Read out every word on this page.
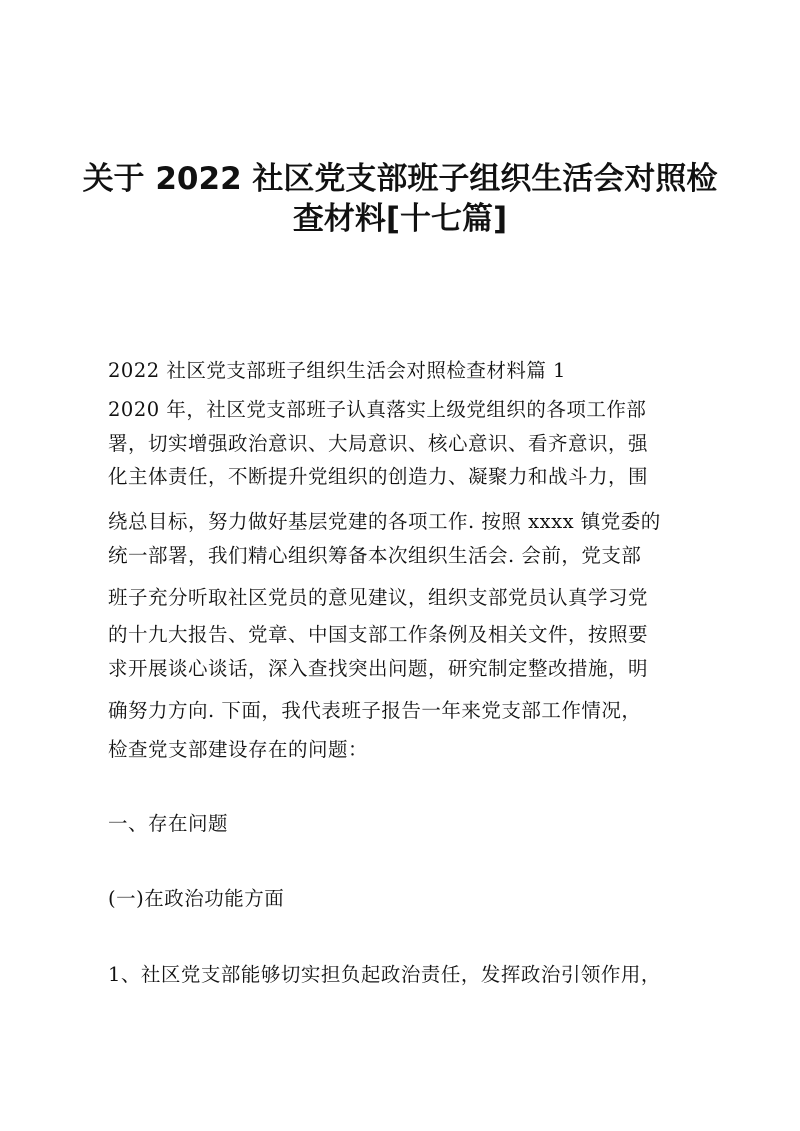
关于 2022 社区党支部班子组织生活会对照检
查材料[十七篇]
2022 社区党支部班子组织生活会对照检查材料篇 1
2020 年，社区党支部班子认真落实上级党组织的各项工作部
署，切实增强政治意识、大局意识、核心意识、看齐意识，强
化主体责任，不断提升党组织的创造力、凝聚力和战斗力，围
绕总目标，努力做好基层党建的各项工作. 按照 xxxx 镇党委的
统一部署，我们精心组织筹备本次组织生活会. 会前，党支部
班子充分听取社区党员的意见建议，组织支部党员认真学习党
的十九大报告、党章、中国支部工作条例及相关文件，按照要
求开展谈心谈话，深入查找突出问题，研究制定整改措施，明
确努力方向. 下面，我代表班子报告一年来党支部工作情况，
检查党支部建设存在的问题：
一、存在问题
(一)在政治功能方面
1、社区党支部能够切实担负起政治责任，发挥政治引领作用，
